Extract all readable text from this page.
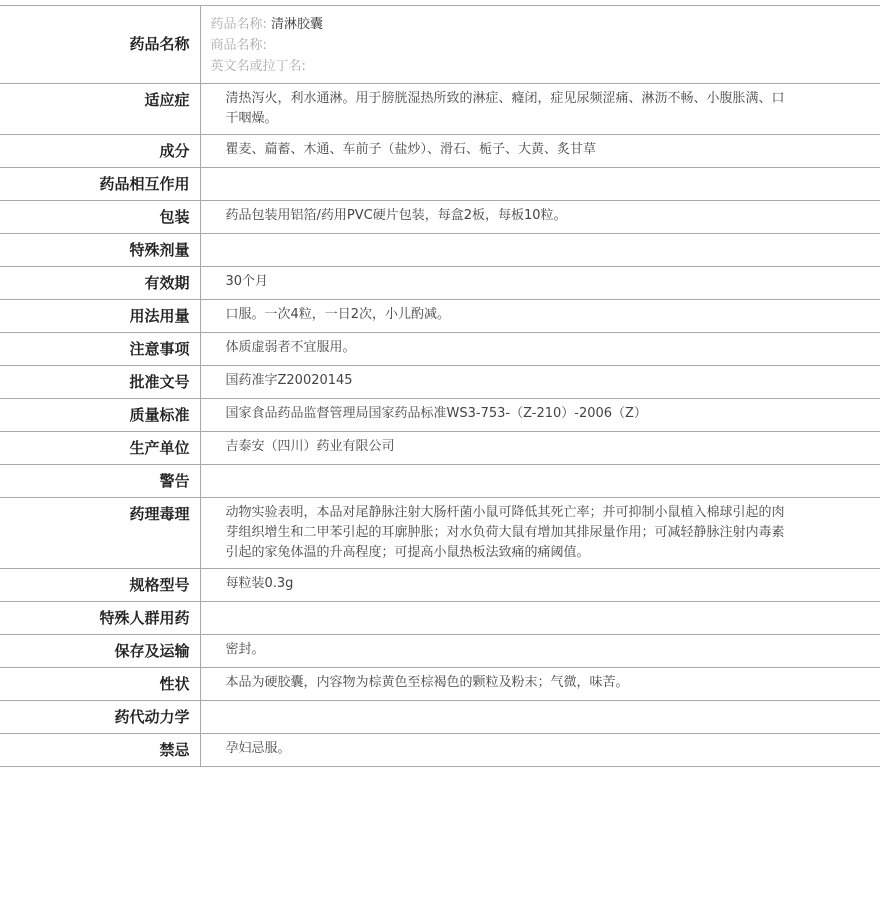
药品名称	药品名称: 清淋胶囊
商品名称:
英文名或拉丁名:

适应症	清热泻火，利水通淋。用于膀胱湿热所致的淋症、癃闭，症见尿频涩痛、淋沥不畅、小腹胀满、口干咽燥。
成分	瞿麦、萹蓄、木通、车前子（盐炒）、滑石、栀子、大黄、炙甘草
药品相互作用	
包装	药品包装用铝箔/药用PVC硬片包装，每盒2板，每板10粒。
特殊剂量	
有效期	30个月
用法用量	口服。一次4粒，一日2次，小儿酌减。
注意事项	体质虚弱者不宜服用。
批准文号	国药准字Z20020145
质量标准	国家食品药品监督管理局国家药品标准WS3-753-（Z-210）-2006（Z）
生产单位	吉泰安（四川）药业有限公司
警告	
药理毒理	动物实验表明，本品对尾静脉注射大肠杆菌小鼠可降低其死亡率；并可抑制小鼠植入棉球引起的肉芽组织增生和二甲苯引起的耳廓肿胀；对水负荷大鼠有增加其排尿量作用；可减轻静脉注射内毒素引起的家兔体温的升高程度；可提高小鼠热板法致痛的痛阈值。
规格型号	每粒装0.3g
特殊人群用药	
保存及运输	密封。
性状	本品为硬胶囊，内容物为棕黄色至棕褐色的颗粒及粉末；气微，味苦。
药代动力学	
禁忌	孕妇忌服。
